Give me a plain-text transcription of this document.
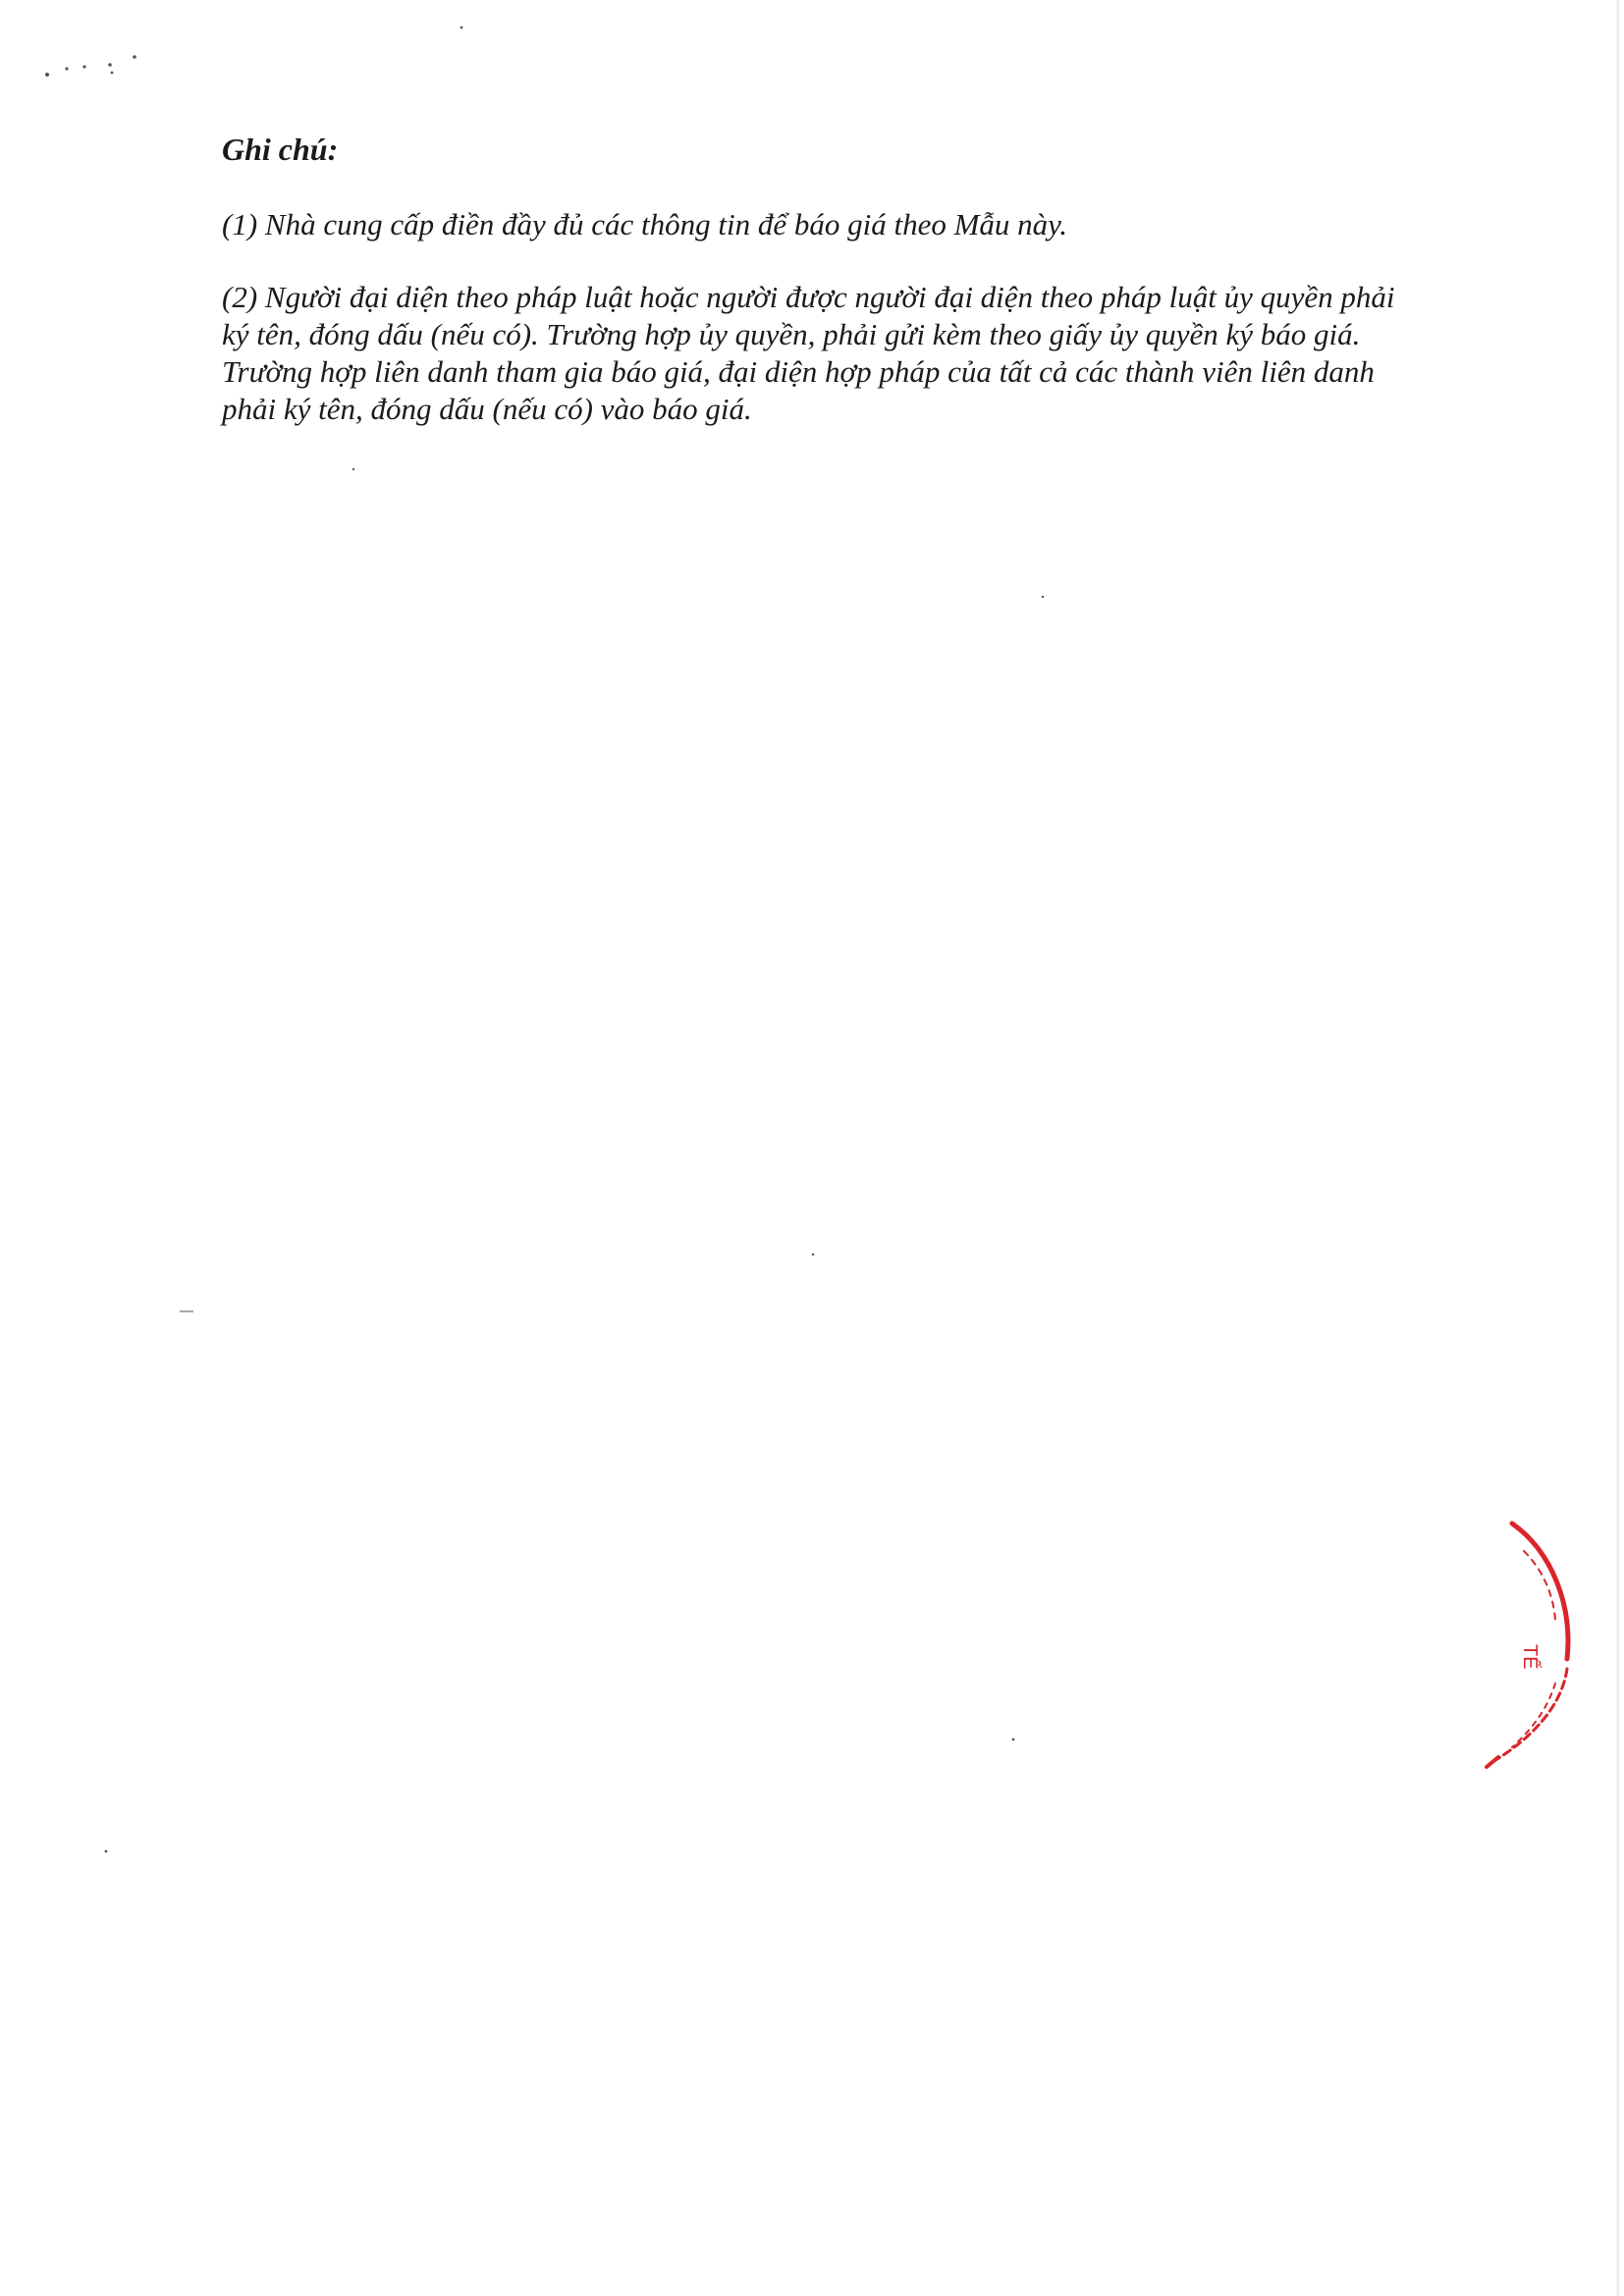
Ghi chú:
(1) Nhà cung cấp điền đầy đủ các thông tin để báo giá theo Mẫu này.
(2) Người đại diện theo pháp luật hoặc người được người đại diện theo pháp luật ủy quyền phải
ký tên, đóng dấu (nếu có). Trường hợp ủy quyền, phải gửi kèm theo giấy ủy quyền ký báo giá.
Trường hợp liên danh tham gia báo giá, đại diện hợp pháp của tất cả các thành viên liên danh
phải ký tên, đóng dấu (nếu có) vào báo giá.
TẾ
